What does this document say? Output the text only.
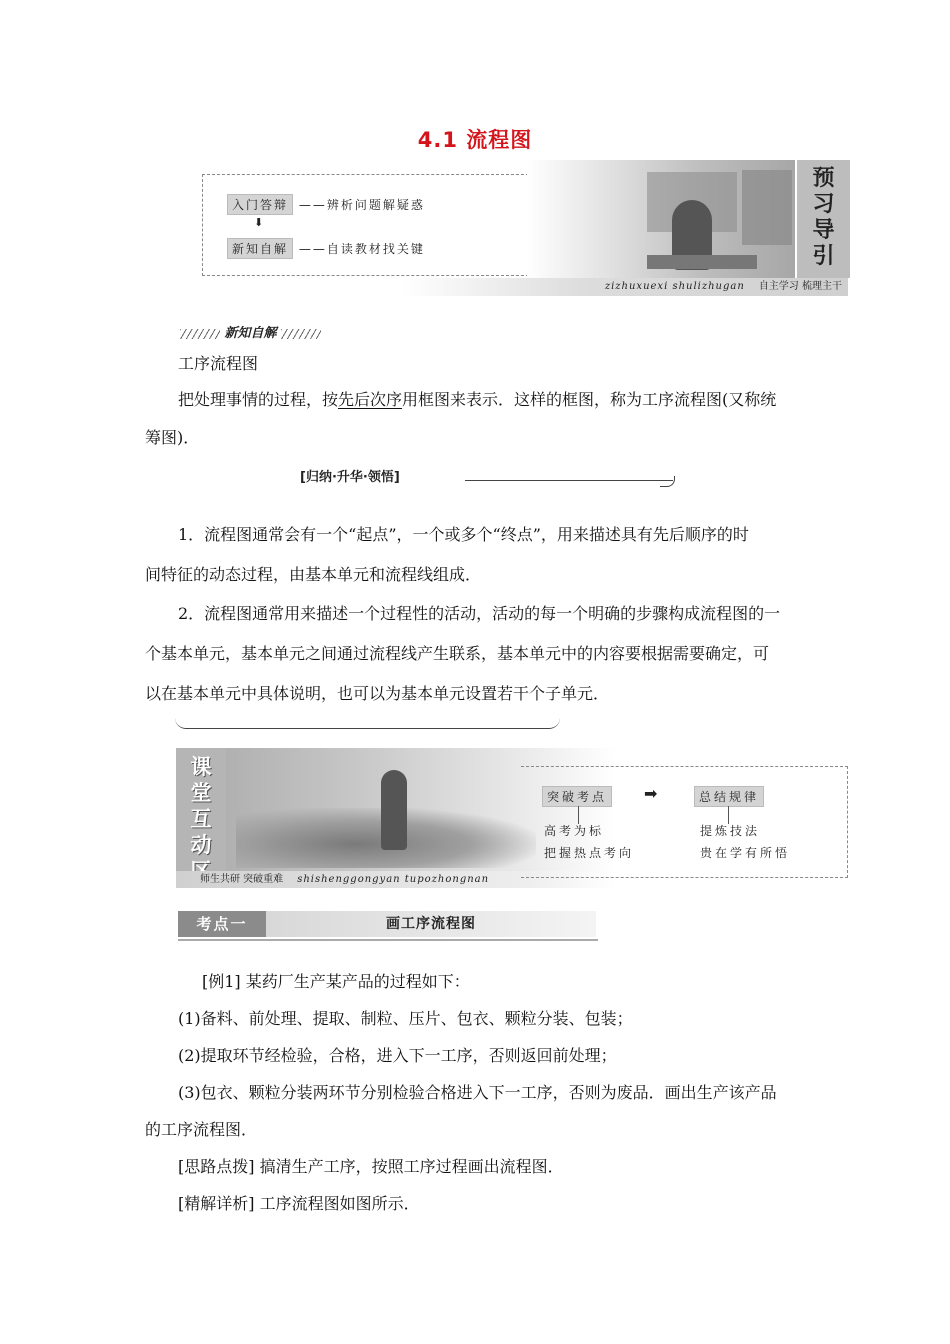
4.1 流程图
预
习
导
引
zizhuxuexi shulizhugan 自主学习 梳理主干
入门答辩 ——辨析问题解疑惑
⬇
新知自解 ——自读教材找关键
新知自解
工序流程图
把处理事情的过程，按先后次序用框图来表示．这样的框图，称为工序流程图(又称统
筹图)．
[归纳·升华·领悟]
1．流程图通常会有一个“起点”，一个或多个“终点”，用来描述具有先后顺序的时
间特征的动态过程，由基本单元和流程线组成．
2．流程图通常用来描述一个过程性的活动，活动的每一个明确的步骤构成流程图的一
个基本单元，基本单元之间通过流程线产生联系，基本单元中的内容要根据需要确定，可
以在基本单元中具体说明，也可以为基本单元设置若干个子单元．
课
堂
互
动
师生共研 突破重难 shishenggongyan tupozhongnan
突破考点
高考为标
把握热点考向
➡	总结规律
提炼技法
贵在学有所悟
考点一	画工序流程图
[例1] 某药厂生产某产品的过程如下：
(1)备料、前处理、提取、制粒、压片、包衣、颗粒分装、包装；
(2)提取环节经检验，合格，进入下一工序，否则返回前处理；
(3)包衣、颗粒分装两环节分别检验合格进入下一工序，否则为废品．画出生产该产品
的工序流程图．
[思路点拨] 搞清生产工序，按照工序过程画出流程图．
[精解详析] 工序流程图如图所示．
